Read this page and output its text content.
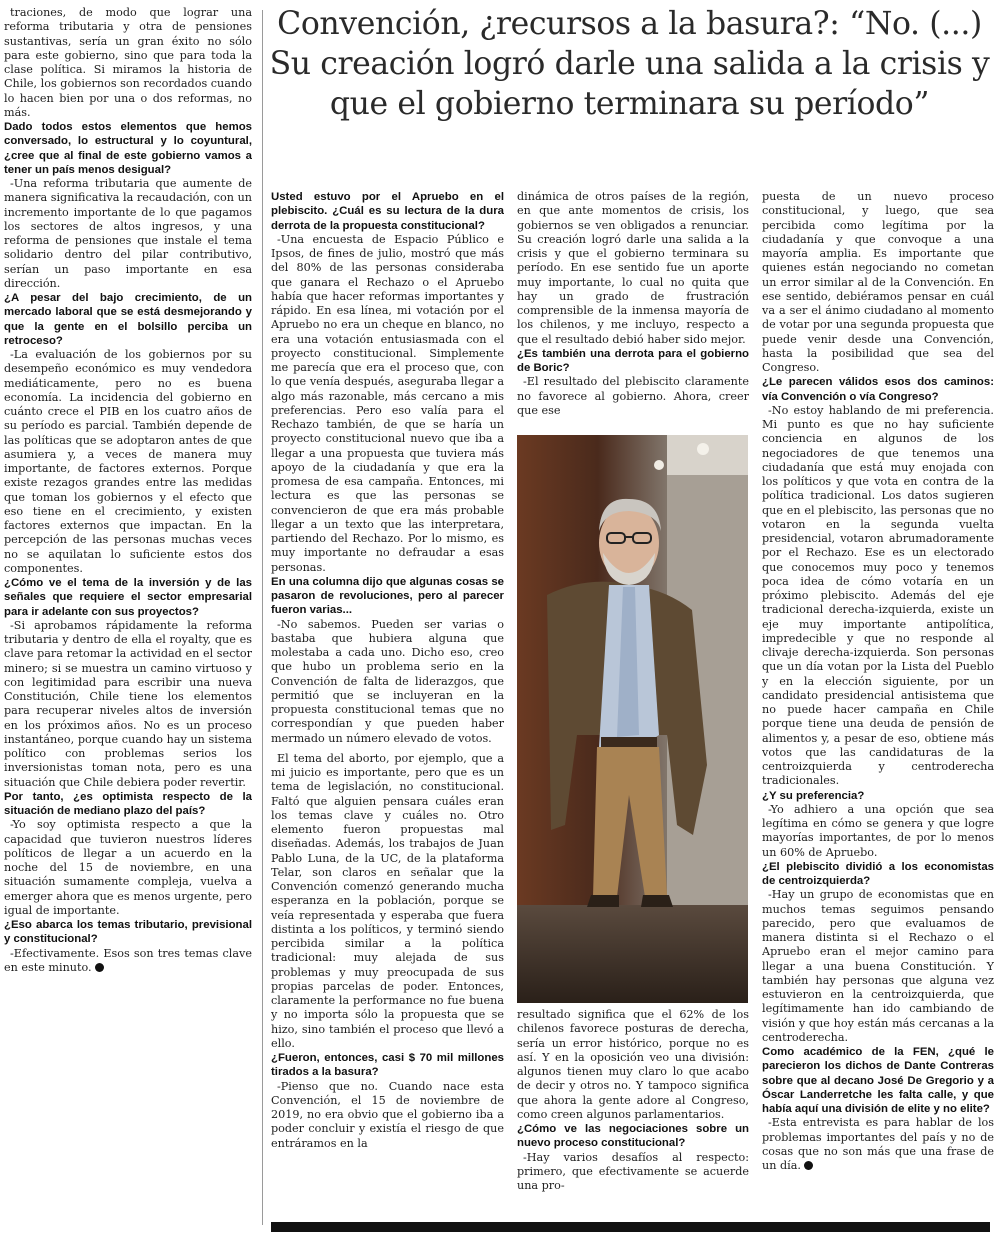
Convención, ¿recursos a la basura?: “No. (...) Su creación logró darle una salida a la crisis y que el gobierno terminara su período”

traciones, de modo que lograr una reforma tributaria y otra de pensiones sustantivas, sería un gran éxito no sólo para este gobierno, sino que para toda la clase política. Si miramos la historia de Chile, los gobiernos son recordados cuando lo hacen bien por una o dos reformas, no más.

Dado todos estos elementos que hemos conversado, lo estructural y lo coyuntural, ¿cree que al final de este gobierno vamos a tener un país menos desigual?

-Una reforma tributaria que aumente de manera significativa la recaudación, con un incremento importante de lo que pagamos los sectores de altos ingresos, y una reforma de pensiones que instale el tema solidario dentro del pilar contributivo, serían un paso importante en esa dirección.

¿A pesar del bajo crecimiento, de un mercado laboral que se está desmejorando y que la gente en el bolsillo perciba un retroceso?

-La evaluación de los gobiernos por su desempeño económico es muy vendedora mediáticamente, pero no es buena economía. La incidencia del gobierno en cuánto crece el PIB en los cuatro años de su período es parcial. También depende de las políticas que se adoptaron antes de que asumiera y, a veces de manera muy importante, de factores externos. Porque existe rezagos grandes entre las medidas que toman los gobiernos y el efecto que eso tiene en el crecimiento, y existen factores externos que impactan. En la percepción de las personas muchas veces no se aquilatan lo suficiente estos dos componentes.

¿Cómo ve el tema de la inversión y de las señales que requiere el sector empresarial para ir adelante con sus proyectos?

-Si aprobamos rápidamente la reforma tributaria y dentro de ella el royalty, que es clave para retomar la actividad en el sector minero; si se muestra un camino virtuoso y con legitimidad para escribir una nueva Constitución, Chile tiene los elementos para recuperar niveles altos de inversión en los próximos años. No es un proceso instantáneo, porque cuando hay un sistema político con problemas serios los inversionistas toman nota, pero es una situación que Chile debiera poder revertir.

Por tanto, ¿es optimista respecto de la situación de mediano plazo del país?

-Yo soy optimista respecto a que la capacidad que tuvieron nuestros líderes políticos de llegar a un acuerdo en la noche del 15 de noviembre, en una situación sumamente compleja, vuelva a emerger ahora que es menos urgente, pero igual de importante.

¿Eso abarca los temas tributario, previsional y constitucional?

-Efectivamente. Esos son tres temas clave en este minuto.

Usted estuvo por el Apruebo en el plebiscito. ¿Cuál es su lectura de la dura derrota de la propuesta constitucional?

-Una encuesta de Espacio Público e Ipsos, de fines de julio, mostró que más del 80% de las personas consideraba que ganara el Rechazo o el Apruebo había que hacer reformas importantes y rápido. En esa línea, mi votación por el Apruebo no era un cheque en blanco, no era una votación entusiasmada con el proyecto constitucional. Simplemente me parecía que era el proceso que, con lo que venía después, aseguraba llegar a algo más razonable, más cercano a mis preferencias. Pero eso valía para el Rechazo también, de que se haría un proyecto constitucional nuevo que iba a llegar a una propuesta que tuviera más apoyo de la ciudadanía y que era la promesa de esa campaña. Entonces, mi lectura es que las personas se convencieron de que era más probable llegar a un texto que las interpretara, partiendo del Rechazo. Por lo mismo, es muy importante no defraudar a esas personas.

En una columna dijo que algunas cosas se pasaron de revoluciones, pero al parecer fueron varias...

-No sabemos. Pueden ser varias o bastaba que hubiera alguna que molestaba a cada uno. Dicho eso, creo que hubo un problema serio en la Convención de falta de liderazgos, que permitió que se incluyeran en la propuesta constitucional temas que no correspondían y que pueden haber mermado un número elevado de votos.

El tema del aborto, por ejemplo, que a mi juicio es importante, pero que es un tema de legislación, no constitucional. Faltó que alguien pensara cuáles eran los temas clave y cuáles no. Otro elemento fueron propuestas mal diseñadas. Además, los trabajos de Juan Pablo Luna, de la UC, de la plataforma Telar, son claros en señalar que la Convención comenzó generando mucha esperanza en la población, porque se veía representada y esperaba que fuera distinta a los políticos, y terminó siendo percibida similar a la política tradicional: muy alejada de sus problemas y muy preocupada de sus propias parcelas de poder. Entonces, claramente la performance no fue buena y no importa sólo la propuesta que se hizo, sino también el proceso que llevó a ello.

¿Fueron, entonces, casi $ 70 mil millones tirados a la basura?

-Pienso que no. Cuando nace esta Convención, el 15 de noviembre de 2019, no era obvio que el gobierno iba a poder concluir y existía el riesgo de que entráramos en la

dinámica de otros países de la región, en que ante momentos de crisis, los gobiernos se ven obligados a renunciar. Su creación logró darle una salida a la crisis y que el gobierno terminara su período. En ese sentido fue un aporte muy importante, lo cual no quita que hay un grado de frustración comprensible de la inmensa mayoría de los chilenos, y me incluyo, respecto a que el resultado debió haber sido mejor.

¿Es también una derrota para el gobierno de Boric?

-El resultado del plebiscito claramente no favorece al gobierno. Ahora, creer que ese

resultado significa que el 62% de los chilenos favorece posturas de derecha, sería un error histórico, porque no es así. Y en la oposición veo una división: algunos tienen muy claro lo que acabo de decir y otros no. Y tampoco significa que ahora la gente adore al Congreso, como creen algunos parlamentarios.

¿Cómo ve las negociaciones sobre un nuevo proceso constitucional?

-Hay varios desafíos al respecto: primero, que efectivamente se acuerde una pro-

puesta de un nuevo proceso constitucional, y luego, que sea percibida como legítima por la ciudadanía y que convoque a una mayoría amplia. Es importante que quienes están negociando no cometan un error similar al de la Convención. En ese sentido, debiéramos pensar en cuál va a ser el ánimo ciudadano al momento de votar por una segunda propuesta que puede venir desde una Convención, hasta la posibilidad que sea del Congreso.

¿Le parecen válidos esos dos caminos: vía Convención o vía Congreso?

-No estoy hablando de mi preferencia. Mi punto es que no hay suficiente conciencia en algunos de los negociadores de que tenemos una ciudadanía que está muy enojada con los políticos y que vota en contra de la política tradicional. Los datos sugieren que en el plebiscito, las personas que no votaron en la segunda vuelta presidencial, votaron abrumadoramente por el Rechazo. Ese es un electorado que conocemos muy poco y tenemos poca idea de cómo votaría en un próximo plebiscito. Además del eje tradicional derecha-izquierda, existe un eje muy importante antipolítica, impredecible y que no responde al clivaje derecha-izquierda. Son personas que un día votan por la Lista del Pueblo y en la elección siguiente, por un candidato presidencial antisistema que no puede hacer campaña en Chile porque tiene una deuda de pensión de alimentos y, a pesar de eso, obtiene más votos que las candidaturas de la centroizquierda y centroderecha tradicionales.

¿Y su preferencia?

-Yo adhiero a una opción que sea legítima en cómo se genera y que logre mayorías importantes, de por lo menos un 60% de Apruebo.

¿El plebiscito dividió a los economistas de centroizquierda?

-Hay un grupo de economistas que en muchos temas seguimos pensando parecido, pero que evaluamos de manera distinta si el Rechazo o el Apruebo eran el mejor camino para llegar a una buena Constitución. Y también hay personas que alguna vez estuvieron en la centroizquierda, que legítimamente han ido cambiando de visión y que hoy están más cercanas a la centroderecha.

Como académico de la FEN, ¿qué le parecieron los dichos de Dante Contreras sobre que al decano José De Gregorio y a Óscar Landerretche les falta calle, y que había aquí una división de elite y no elite?

-Esta entrevista es para hablar de los problemas importantes del país y no de cosas que no son más que una frase de un día.
